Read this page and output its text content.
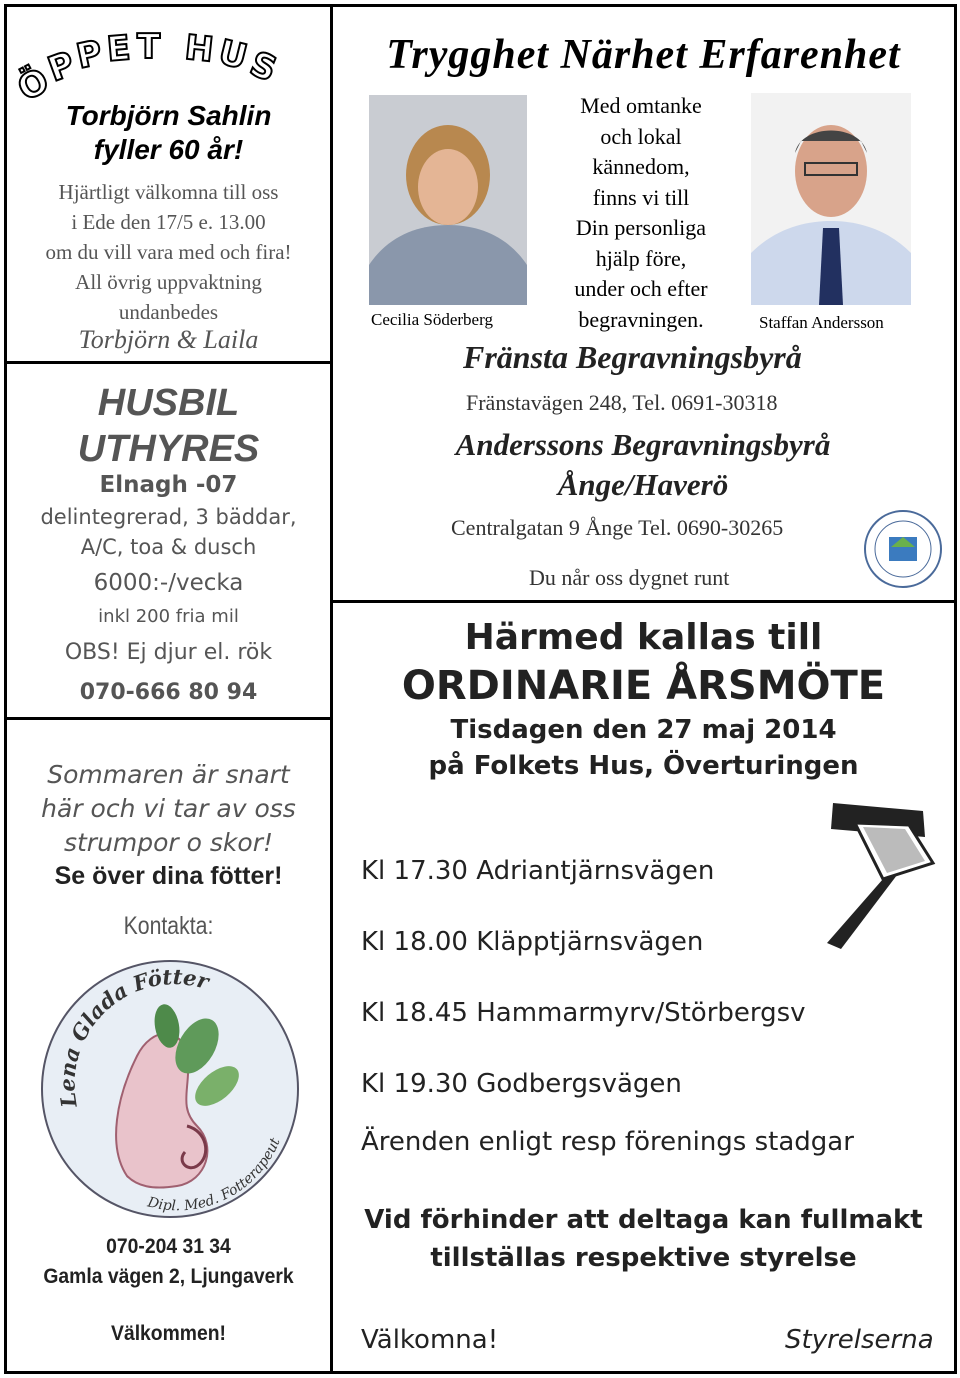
Ö
P
P E T H U
S
Torbjörn Sahlin
fyller 60 år!
Hjärtligt välkomna till oss
i Ede den 17/5 e. 13.00
om du vill vara med och fira!
All övrig uppvaktning
undanbedes
Torbjörn & Laila
HUSBIL
UTHYRES
Elnagh -07
delintegrerad, 3 bäddar,
A/C, toa & dusch
6000:-/vecka
inkl 200 fria mil
OBS! Ej djur el. rök
070-666 80 94
Sommaren är snart
här och vi tar av oss
strumpor o skor!
Se över dina fötter!
Kontakta:
Lena Glada Fötter
Dipl. Med. Fotterapeut
070-204 31 34
Gamla vägen 2, Ljungaverk
Välkommen!
Trygghet Närhet Erfarenhet
Cecilia Söderberg
Med omtanke
och lokal
kännedom,
finns vi till
Din personliga
hjälp före,
under och efter
begravningen.	Staffan Andersson
Fränsta Begravningsbyrå
Fränstavägen 248, Tel. 0691-30318
Anderssons Begravningsbyrå
Ånge/Haverö
Centralgatan 9 Ånge Tel. 0690-30265
Du når oss dygnet runt
Härmed kallas till
ORDINARIE ÅRSMÖTE
Tisdagen den 27 maj 2014
på Folkets Hus, Överturingen
Kl 17.30 Adriantjärnsvägen
Kl 18.00 Kläpptjärnsvägen
Kl 18.45 Hammarmyrv/Störbergsv
Kl 19.30 Godbergsvägen
Ärenden enligt resp förenings stadgar
Vid förhinder att deltaga kan fullmakt
tillställas respektive styrelse
Välkomna!	Styrelserna
